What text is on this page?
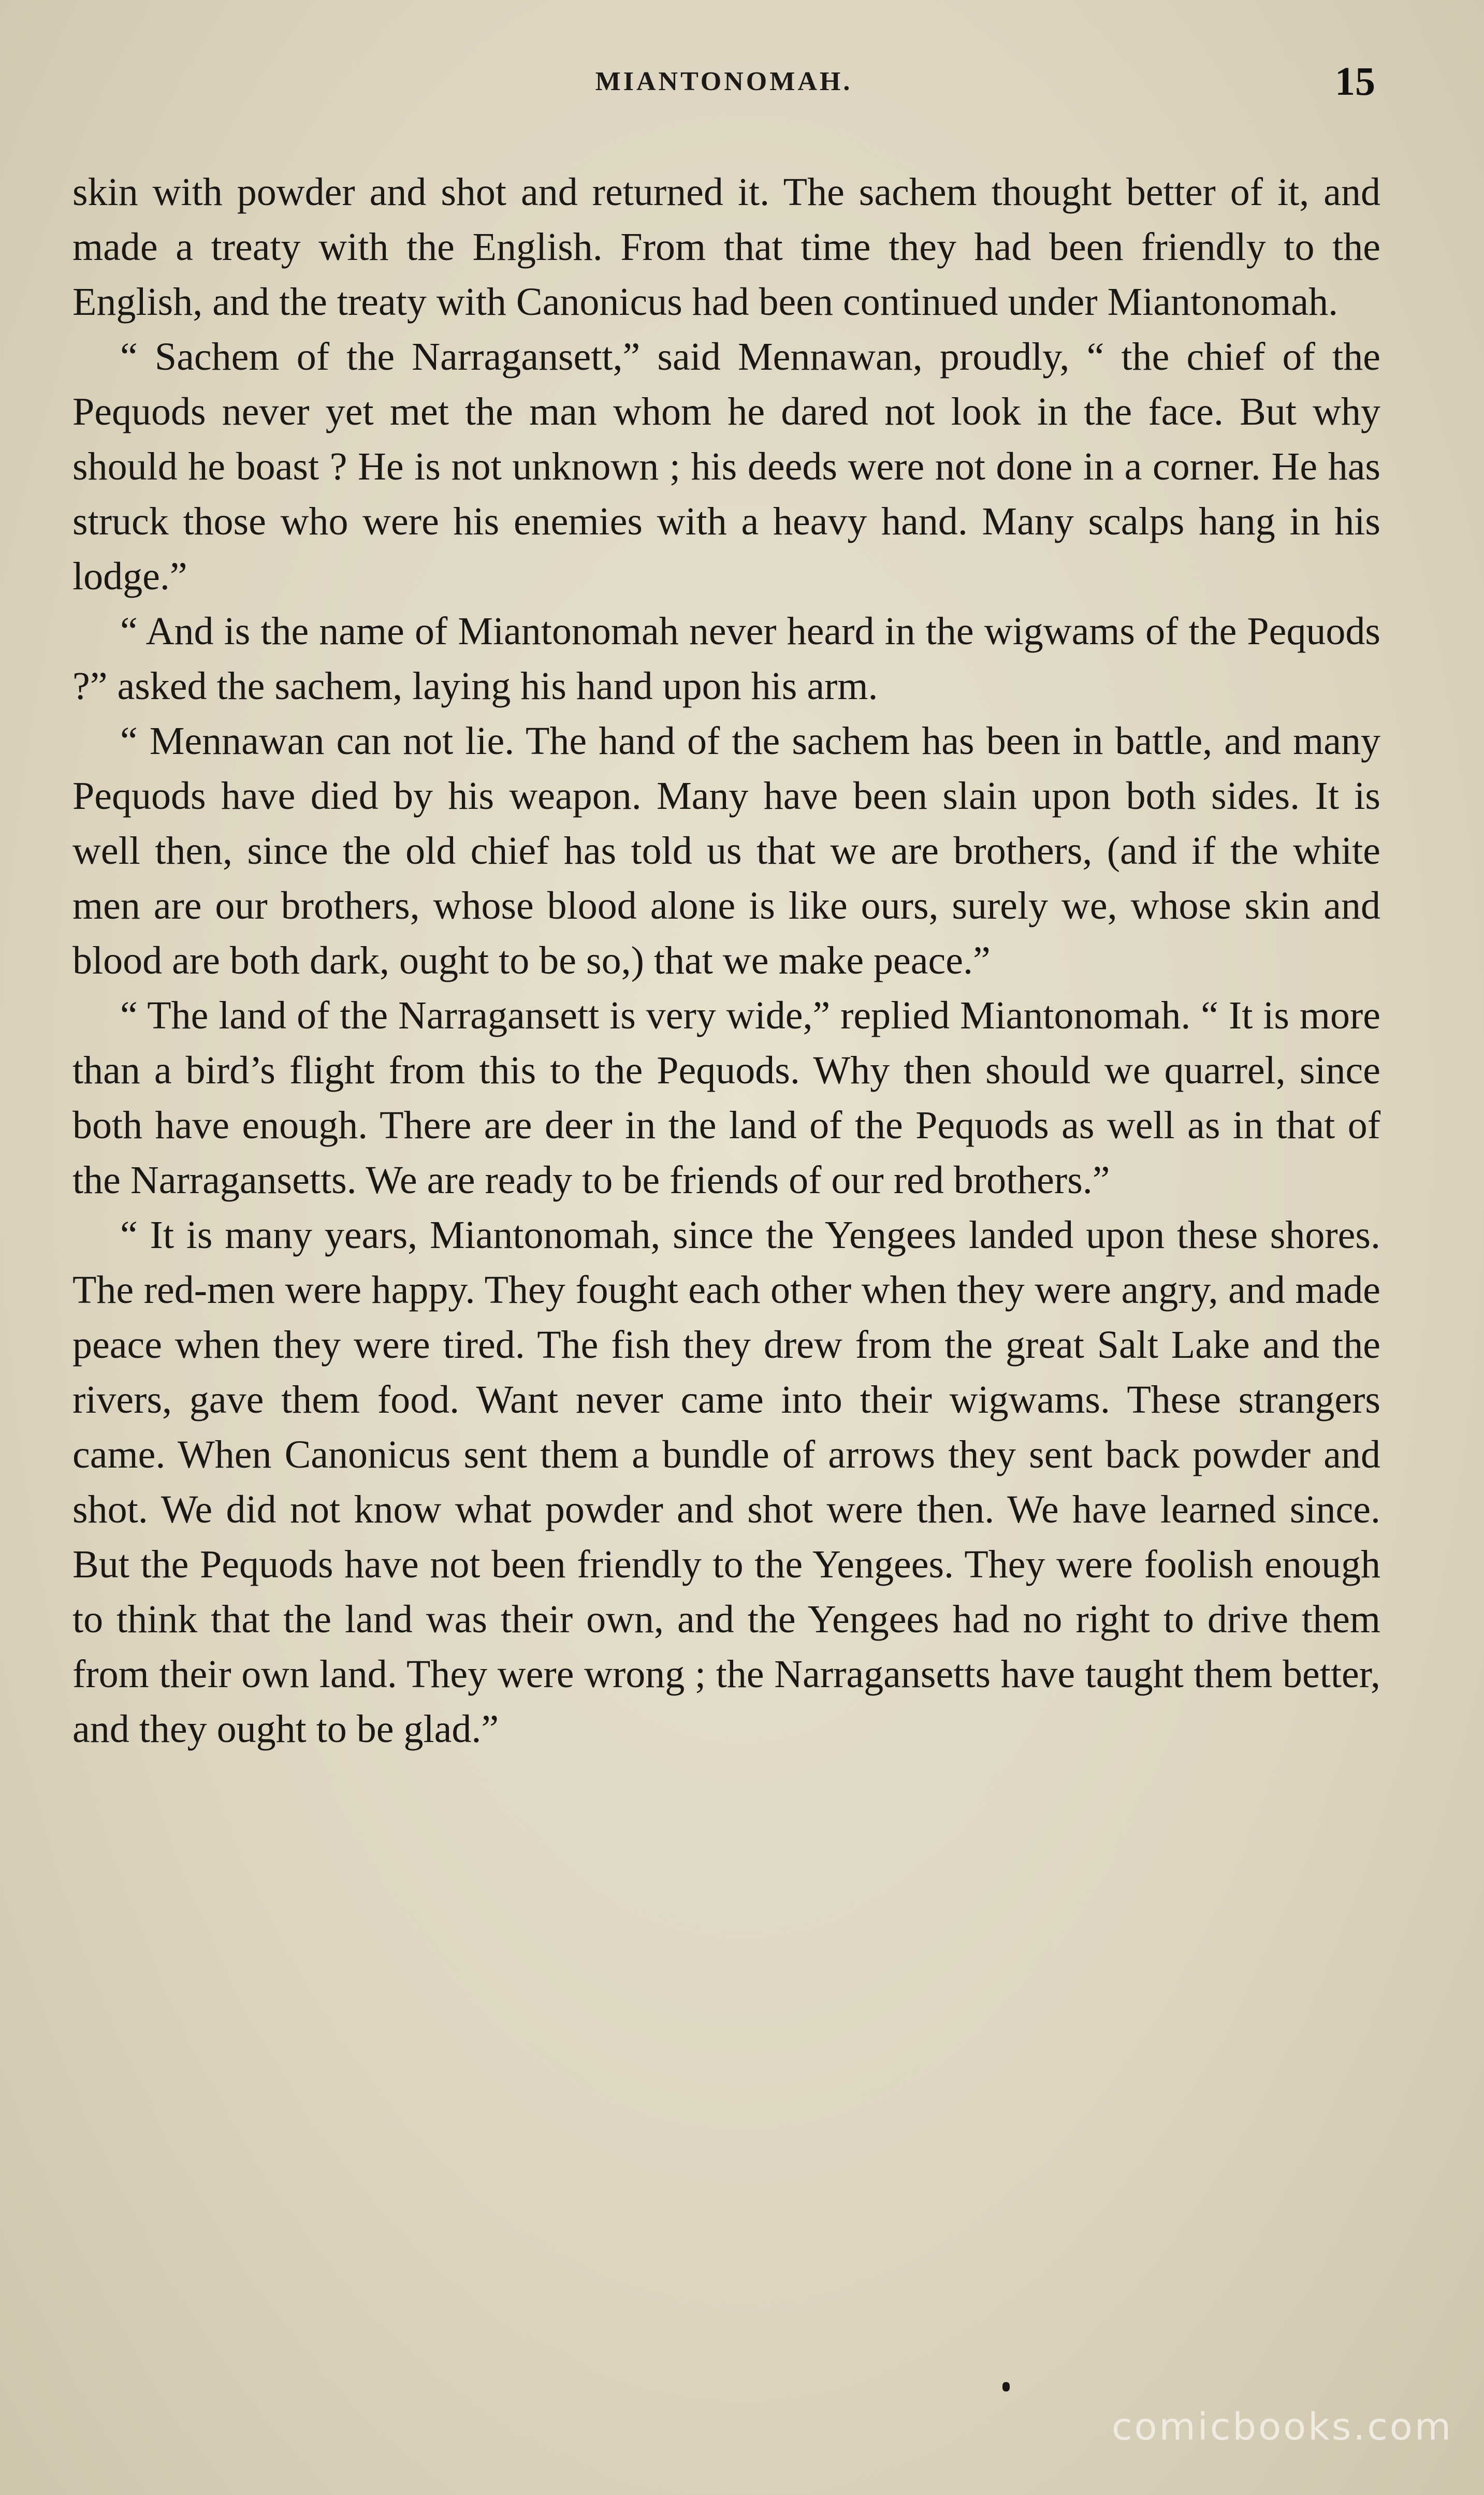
MIANTONOMAH.	15

skin with powder and shot and returned it. The sachem thought better of it, and made a treaty with the English. From that time they had been friendly to the English, and the treaty with Canonicus had been continued under Miantonomah.

“ Sachem of the Narragansett,” said Mennawan, proudly, “ the chief of the Pequods never yet met the man whom he dared not look in the face. But why should he boast ? He is not unknown ; his deeds were not done in a corner. He has struck those who were his enemies with a heavy hand. Many scalps hang in his lodge.”

“ And is the name of Miantonomah never heard in the wigwams of the Pequods ?” asked the sachem, laying his hand upon his arm.

“ Mennawan can not lie. The hand of the sachem has been in battle, and many Pequods have died by his weapon. Many have been slain upon both sides. It is well then, since the old chief has told us that we are brothers, (and if the white men are our brothers, whose blood alone is like ours, surely we, whose skin and blood are both dark, ought to be so,) that we make peace.”

“ The land of the Narragansett is very wide,” replied Miantonomah. “ It is more than a bird’s flight from this to the Pequods. Why then should we quarrel, since both have enough. There are deer in the land of the Pequods as well as in that of the Narragansetts. We are ready to be friends of our red brothers.”

“ It is many years, Miantonomah, since the Yengees landed upon these shores. The red-men were happy. They fought each other when they were angry, and made peace when they were tired. The fish they drew from the great Salt Lake and the rivers, gave them food. Want never came into their wigwams. These strangers came. When Canonicus sent them a bundle of arrows they sent back powder and shot. We did not know what powder and shot were then. We have learned since. But the Pequods have not been friendly to the Yengees. They were foolish enough to think that the land was their own, and the Yengees had no right to drive them from their own land. They were wrong ; the Narragansetts have taught them better, and they ought to be glad.”

comicbooks.com
